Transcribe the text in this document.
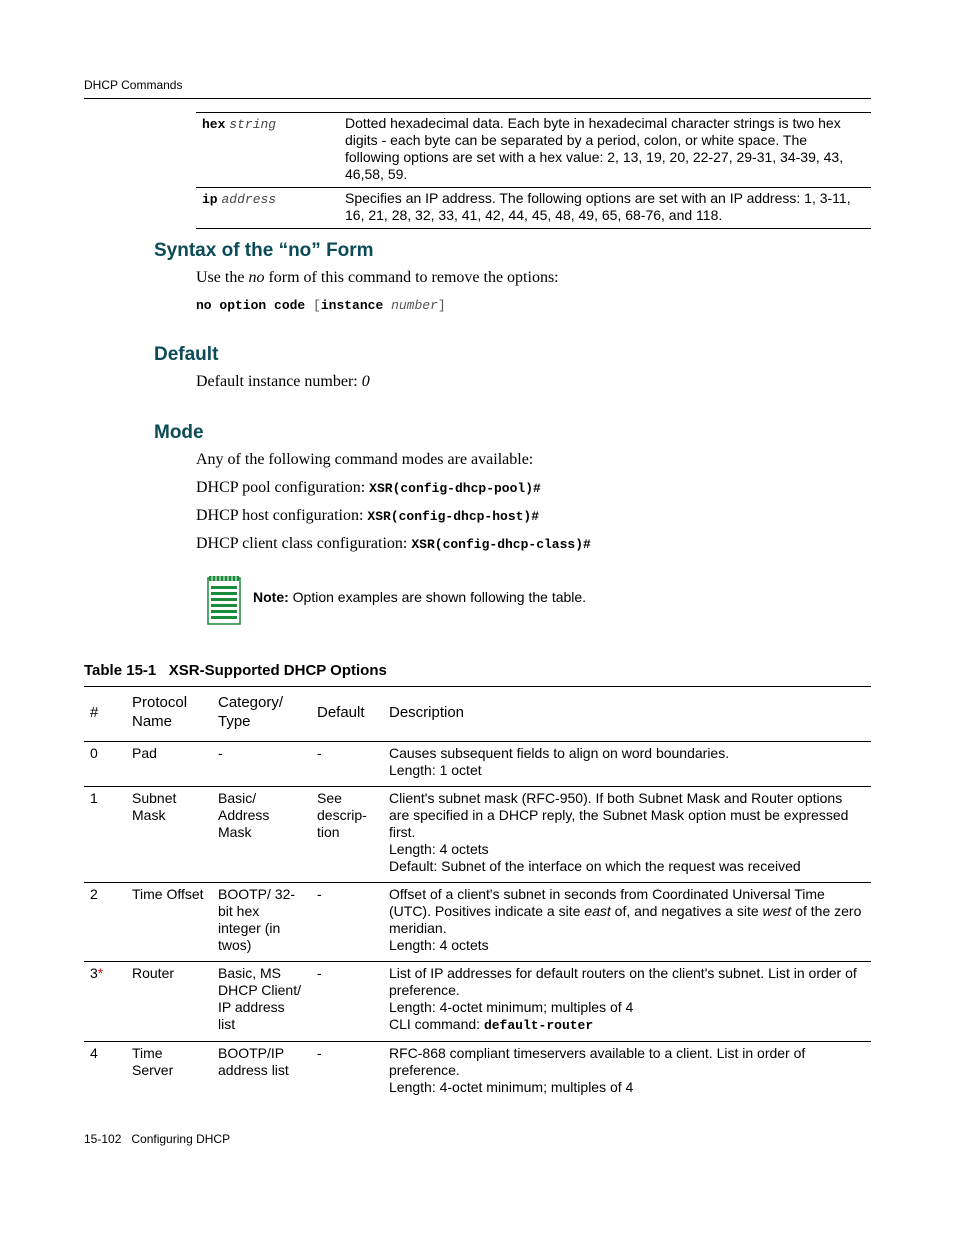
DHCP Commands
hex string	Dotted hexadecimal data. Each byte in hexadecimal character strings is two hex digits - each byte can be separated by a period, colon, or white space. The following options are set with a hex value: 2, 13, 19, 20, 22-27, 29-31, 34-39, 43, 46,58, 59.
ip address	Specifies an IP address. The following options are set with an IP address: 1, 3-11, 16, 21, 28, 32, 33, 41, 42, 44, 45, 48, 49, 65, 68-76, and 118.
Syntax of the “no” Form
Use the no form of this command to remove the options:
no option code [instance number]
Default
Default instance number: 0
Mode
Any of the following command modes are available:
DHCP pool configuration: XSR(config-dhcp-pool)#
DHCP host configuration: XSR(config-dhcp-host)#
DHCP client class configuration: XSR(config-dhcp-class)#
Note: Option examples are shown following the table.
Table 15-1 XSR-Supported DHCP Options
#	Protocol Name	Category/ Type	Default	Description
0	Pad	-	-	Causes subsequent fields to align on word boundaries.
Length: 1 octet

1	Subnet Mask	Basic/ Address Mask	See descrip-tion	Client's subnet mask (RFC-950). If both Subnet Mask and Router options are specified in a DHCP reply, the Subnet Mask option must be expressed first.
Length: 4 octets
Default: Subnet of the interface on which the request was received

2	Time Offset	BOOTP/ 32-bit hex integer (in twos)	-	Offset of a client's subnet in seconds from Coordinated Universal Time (UTC). Positives indicate a site east of, and negatives a site west of the zero meridian.
Length: 4 octets

3*	Router	Basic, MS DHCP Client/ IP address list	-	List of IP addresses for default routers on the client's subnet. List in order of preference.
Length: 4-octet minimum; multiples of 4
CLI command: default-router

4	Time Server	BOOTP/IP address list	-	RFC-868 compliant timeservers available to a client. List in order of preference.
Length: 4-octet minimum; multiples of 4
15-102   Configuring DHCP
